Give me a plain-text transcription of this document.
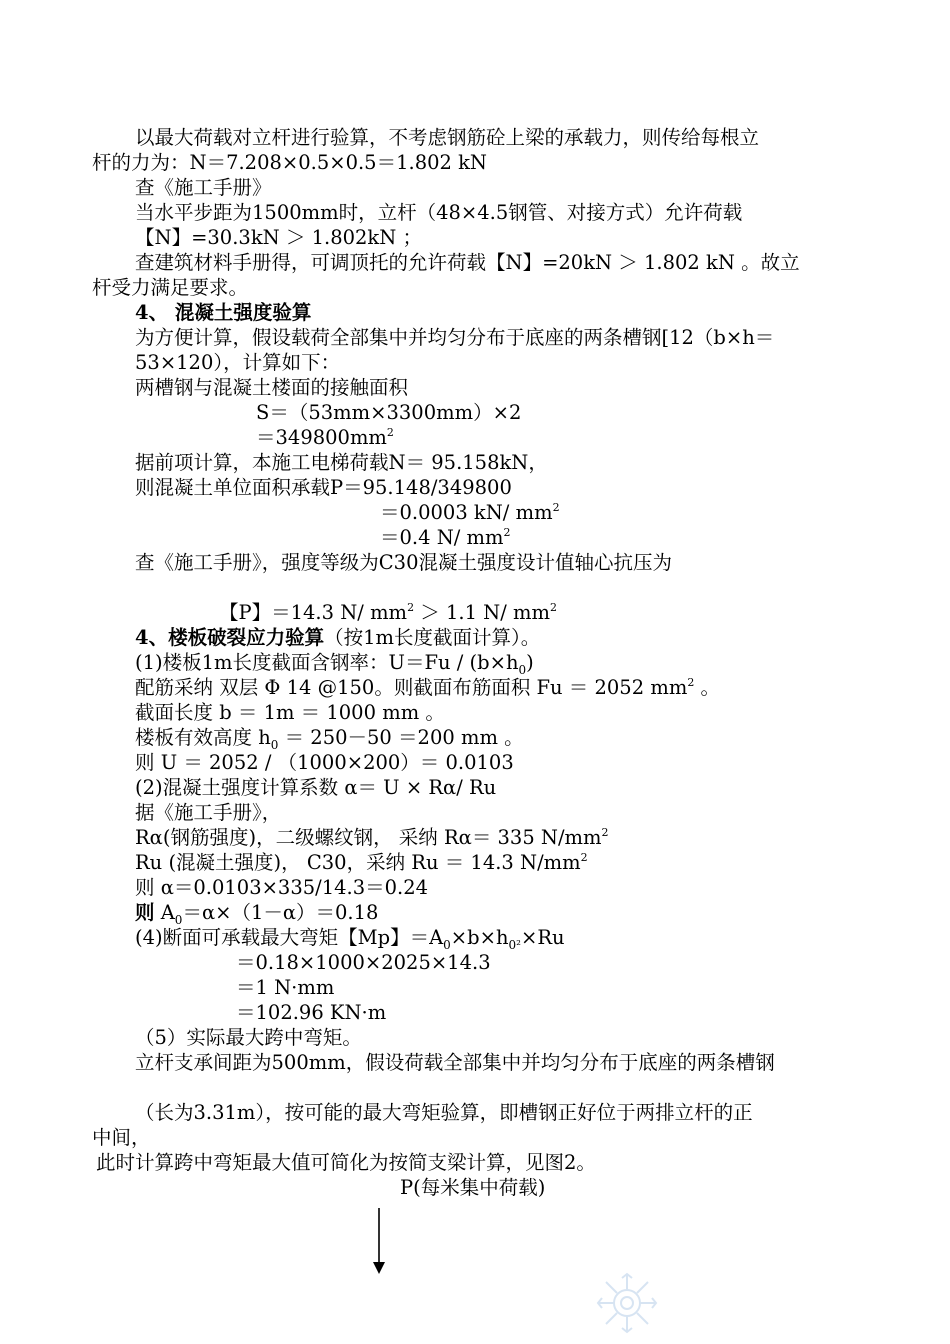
以最大荷载对立杆进行验算，不考虑钢筋砼上梁的承载力，则传给每根立
杆的力为：N＝7.208×0.5×0.5＝1.802 kN
查《施工手册》
当水平步距为1500mm时，立杆（48×4.5钢管、对接方式）允许荷载
【N】=30.3kN ＞ 1.802kN ；
查建筑材料手册得，可调顶托的允许荷载【N】=20kN ＞ 1.802 kN 。故立
杆受力满足要求。
4、 混凝土强度验算
为方便计算，假设载荷全部集中并均匀分布于底座的两条槽钢[12（b×h＝
53×120），计算如下：
两槽钢与混凝土楼面的接触面积
S＝（53mm×3300mm）×2
$=349800mm^2$
据前项计算，本施工电梯荷载N＝ 95.158kN，
则混凝土单位面积承载P＝95.148/349800
＝0.0003 kN/ $mm^2$
＝0.4 N/ $mm^2$
查《施工手册》，强度等级为C30混凝土强度设计值轴心抗压为
【P】＝14.3 N/ $mm^2 > 1.1$ N/ $mm^2$
4、楼板破裂应力验算（按1m长度截面计算）。
(1)楼板1m长度截面含钢率：$U=Fu / (b\times h_0)$
配筋采纳 双层 Φ 14 @150。则截面布筋面积 Fu ＝ 2052 $mm^2$ 。
截面长度 b ＝ 1m ＝ 1000 mm 。
楼板有效高度 $h_0 = 250-50 =200$ mm 。
则 U ＝ 2052 / （1000×200）＝ 0.0103
(2)混凝土强度计算系数 α＝ U × Rα/ Ru
据《施工手册》，
Rα(钢筋强度)，二级螺纹钢， 采纳 Rα＝ 335 $N/mm^2$
Ru (混凝土强度)， C30，采纳 Ru ＝ 14.3 $N/mm^2$
则 α＝0.0103×335/14.3＝0.24
则 $A_0=\alpha\times(1-\alpha)=0.18$
(4)断面可承载最大弯矩【Mp】$=A_0\times b\times h_{0^2}\times Ru$
＝0.18×1000×2025×14.3
＝1 N·mm
＝102.96 KN·m
（5）实际最大跨中弯矩。
立杆支承间距为500mm，假设荷载全部集中并均匀分布于底座的两条槽钢
（长为3.31m），按可能的最大弯矩验算，即槽钢正好位于两排立杆的正
中间，
此时计算跨中弯矩最大值可简化为按简支梁计算，见图2。
P(每米集中荷载)
